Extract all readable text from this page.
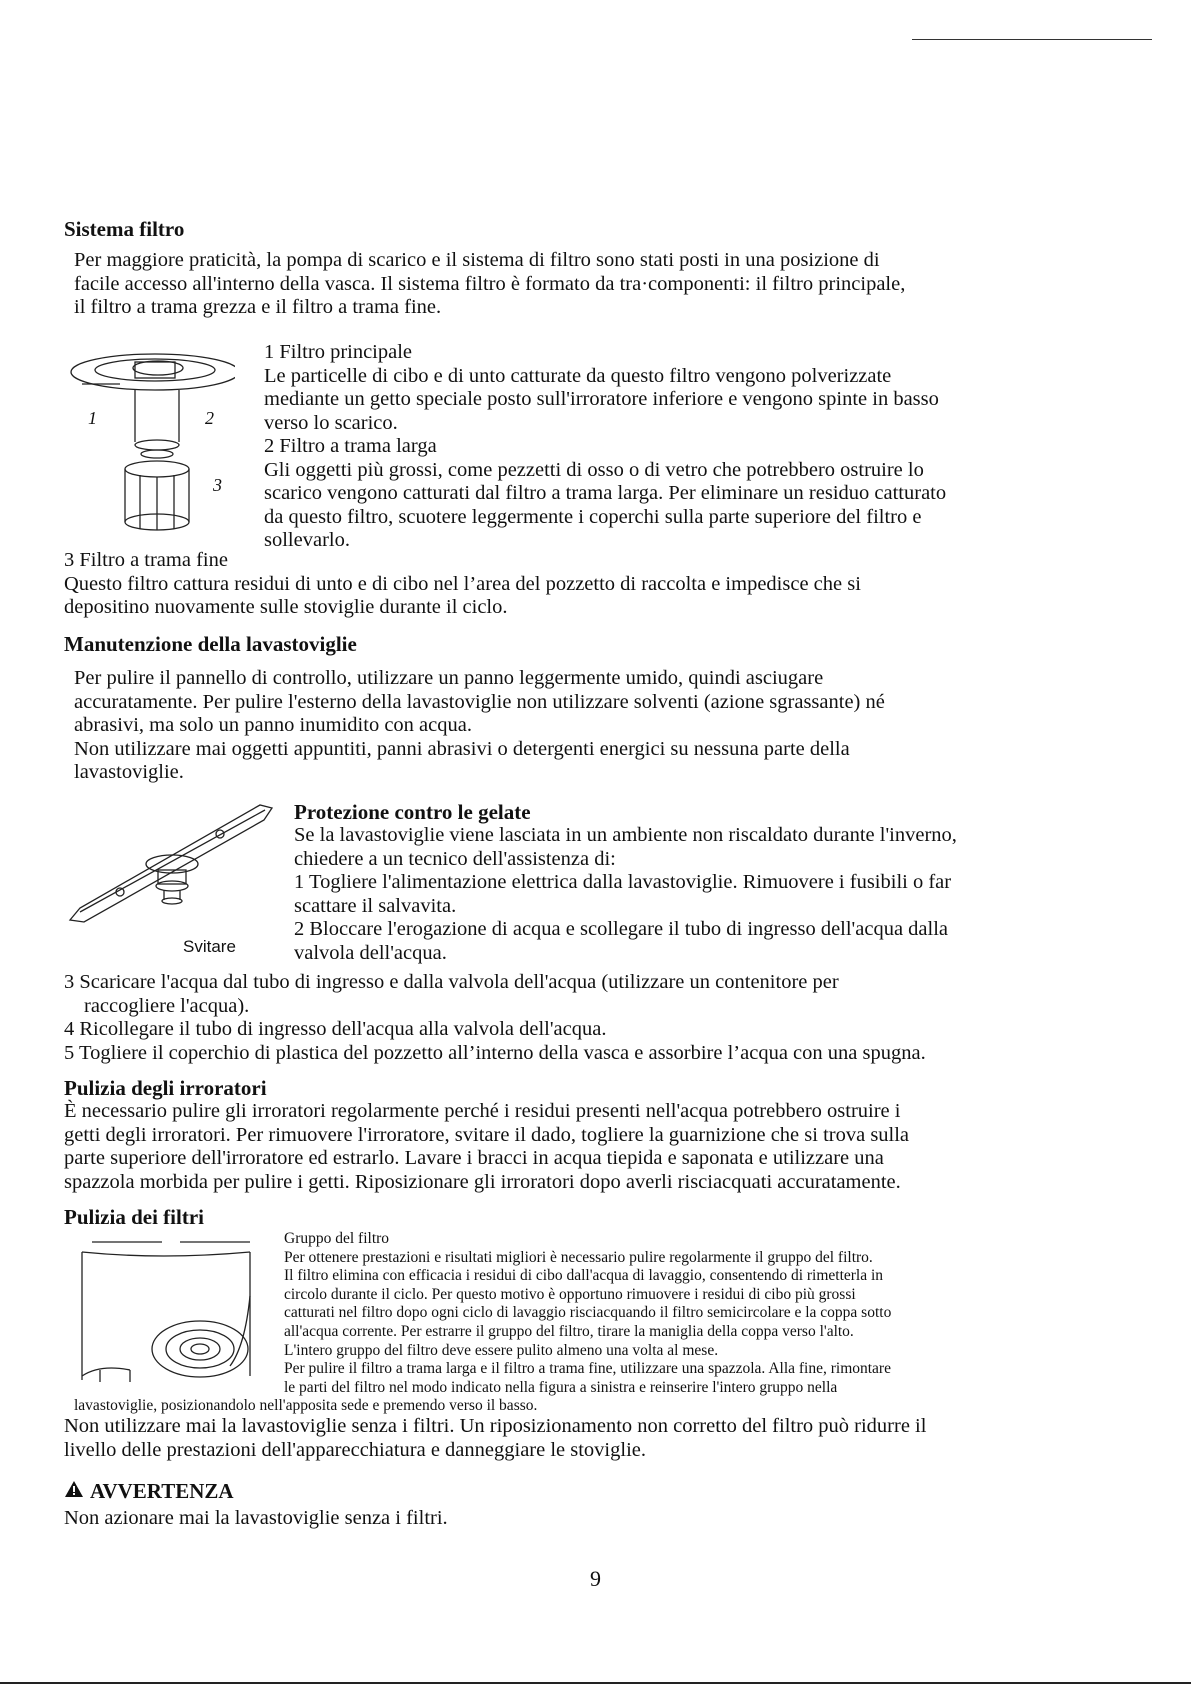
Sistema filtro

Per maggiore praticità, la pompa di scarico e il sistema di filtro sono stati posti in una posizione di

facile accesso all'interno della vasca. Il sistema filtro è formato da tra·componenti: il filtro principale,

il filtro a trama grezza e il filtro a trama fine.

1	2
3

1 Filtro principale

Le particelle di cibo e di unto catturate da questo filtro vengono polverizzate

mediante un getto speciale posto sull'irroratore inferiore e vengono spinte in basso

verso lo scarico.

2 Filtro a trama larga

Gli oggetti più grossi, come pezzetti di osso o di vetro che potrebbero ostruire lo

scarico vengono catturati dal filtro a trama larga. Per eliminare un residuo catturato

da questo filtro, scuotere leggermente i coperchi sulla parte superiore del filtro e

sollevarlo.

3 Filtro a trama fine

Questo filtro cattura residui di unto e di cibo nel l’area del pozzetto di raccolta e impedisce che si

depositino nuovamente sulle stoviglie durante il ciclo.

Manutenzione della lavastoviglie

Per pulire il pannello di controllo, utilizzare un panno leggermente umido, quindi asciugare

accuratamente. Per pulire l'esterno della lavastoviglie non utilizzare solventi (azione sgrassante) né

abrasivi, ma solo un panno inumidito con acqua.

Non utilizzare mai oggetti appuntiti, panni abrasivi o detergenti energici su nessuna parte della

lavastoviglie.

Svitare

Protezione contro le gelate

Se la lavastoviglie viene lasciata in un ambiente non riscaldato durante l'inverno,

chiedere a un tecnico dell'assistenza di:

1 Togliere l'alimentazione elettrica dalla lavastoviglie. Rimuovere i fusibili o far

scattare il salvavita.

2 Bloccare l'erogazione di acqua e scollegare il tubo di ingresso dell'acqua dalla

valvola dell'acqua.

3 Scaricare l'acqua dal tubo di ingresso e dalla valvola dell'acqua (utilizzare un contenitore per

raccogliere l'acqua).

4 Ricollegare il tubo di ingresso dell'acqua alla valvola dell'acqua.

5 Togliere il coperchio di plastica del pozzetto all’interno della vasca e assorbire l’acqua con una spugna.

Pulizia degli irroratori

È necessario pulire gli irroratori regolarmente perché i residui presenti nell'acqua potrebbero ostruire i

getti degli irroratori. Per rimuovere l'irroratore, svitare il dado, togliere la guarnizione che si trova sulla

parte superiore dell'irroratore ed estrarlo. Lavare i bracci in acqua tiepida e saponata e utilizzare una

spazzola morbida per pulire i getti. Riposizionare gli irroratori dopo averli risciacquati accuratamente.

Pulizia dei filtri

Gruppo del filtro

Per ottenere prestazioni e risultati migliori è necessario pulire regolarmente il gruppo del filtro.

Il filtro elimina con efficacia i residui di cibo dall'acqua di lavaggio, consentendo di rimetterla in

circolo durante il ciclo. Per questo motivo è opportuno rimuovere i residui di cibo più grossi

catturati nel filtro dopo ogni ciclo di lavaggio risciacquando il filtro semicircolare e la coppa sotto

all'acqua corrente. Per estrarre il gruppo del filtro, tirare la maniglia della coppa verso l'alto.

L'intero gruppo del filtro deve essere pulito almeno una volta al mese.

Per pulire il filtro a trama larga e il filtro a trama fine, utilizzare una spazzola. Alla fine, rimontare

le parti del filtro nel modo indicato nella figura a sinistra e reinserire l'intero gruppo nella

lavastoviglie, posizionandolo nell'apposita sede e premendo verso il basso.

Non utilizzare mai la lavastoviglie senza i filtri. Un riposizionamento non corretto del filtro può ridurre il

livello delle prestazioni dell'apparecchiatura e danneggiare le stoviglie.

AVVERTENZA

Non azionare mai la lavastoviglie senza i filtri.

9
